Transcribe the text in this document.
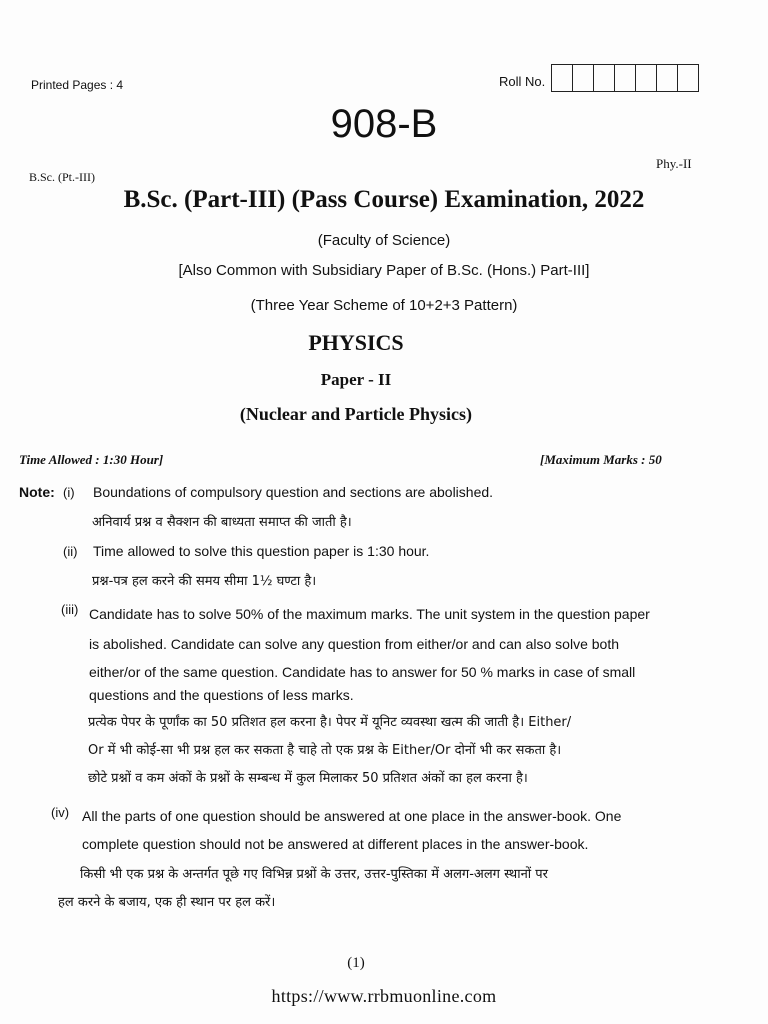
Printed Pages : 4	Roll No.
908-B
B.Sc. (Pt.-III)
Phy.-II
B.Sc. (Part-III) (Pass Course) Examination, 2022
(Faculty of Science)
[Also Common with Subsidiary Paper of B.Sc. (Hons.) Part-III]
(Three Year Scheme of 10+2+3 Pattern)
PHYSICS
Paper - II
(Nuclear and Particle Physics)
Time Allowed : 1:30 Hour]	[Maximum Marks : 50
Note: (i) Boundations of compulsory question and sections are abolished.
अनिवार्य प्रश्न व सैक्शन की बाध्यता समाप्त की जाती है।
(ii) Time allowed to solve this question paper is 1:30 hour.
प्रश्न-पत्र हल करने की समय सीमा 1½ घण्टा है।
(iii) Candidate has to solve 50% of the maximum marks. The unit system in the question paper
is abolished. Candidate can solve any question from either/or and can also solve both
either/or of the same question. Candidate has to answer for 50 % marks in case of small
questions and the questions of less marks.
प्रत्येक पेपर के पूर्णांक का 50 प्रतिशत हल करना है। पेपर में यूनिट व्यवस्था खत्म की जाती है। Either/
Or में भी कोई-सा भी प्रश्न हल कर सकता है चाहे तो एक प्रश्न के Either/Or दोनों भी कर सकता है।
छोटे प्रश्नों व कम अंकों के प्रश्नों के सम्बन्ध में कुल मिलाकर 50 प्रतिशत अंकों का हल करना है।
(iv) All the parts of one question should be answered at one place in the answer-book. One
complete question should not be answered at different places in the answer-book.
किसी भी एक प्रश्न के अन्तर्गत पूछे गए विभिन्न प्रश्नों के उत्तर, उत्तर-पुस्तिका में अलग-अलग स्थानों पर
हल करने के बजाय, एक ही स्थान पर हल करें।
(1)
https://www.rrbmuonline.com
